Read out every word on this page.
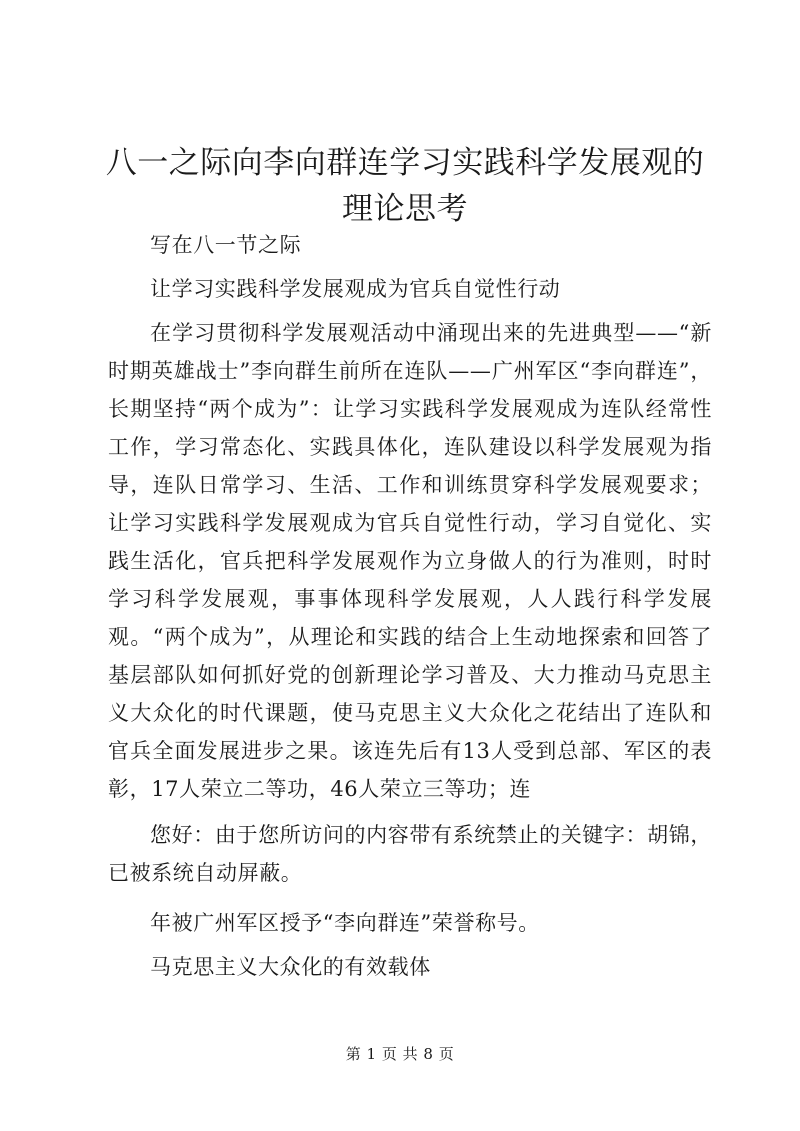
八一之际向李向群连学习实践科学发展观的理论思考

写在八一节之际

让学习实践科学发展观成为官兵自觉性行动

在学习贯彻科学发展观活动中涌现出来的先进典型——“新时期英雄战士”李向群生前所在连队——广州军区“李向群连”，长期坚持“两个成为”：让学习实践科学发展观成为连队经常性工作，学习常态化、实践具体化，连队建设以科学发展观为指导，连队日常学习、生活、工作和训练贯穿科学发展观要求；让学习实践科学发展观成为官兵自觉性行动，学习自觉化、实践生活化，官兵把科学发展观作为立身做人的行为准则，时时学习科学发展观，事事体现科学发展观，人人践行科学发展观。“两个成为”，从理论和实践的结合上生动地探索和回答了基层部队如何抓好党的创新理论学习普及、大力推动马克思主义大众化的时代课题，使马克思主义大众化之花结出了连队和官兵全面发展进步之果。该连先后有13人受到总部、军区的表彰，17人荣立二等功，46人荣立三等功；连

您好：由于您所访问的内容带有系统禁止的关键字：胡锦，已被系统自动屏蔽。

年被广州军区授予“李向群连”荣誉称号。

马克思主义大众化的有效载体

第 1 页 共 8 页
